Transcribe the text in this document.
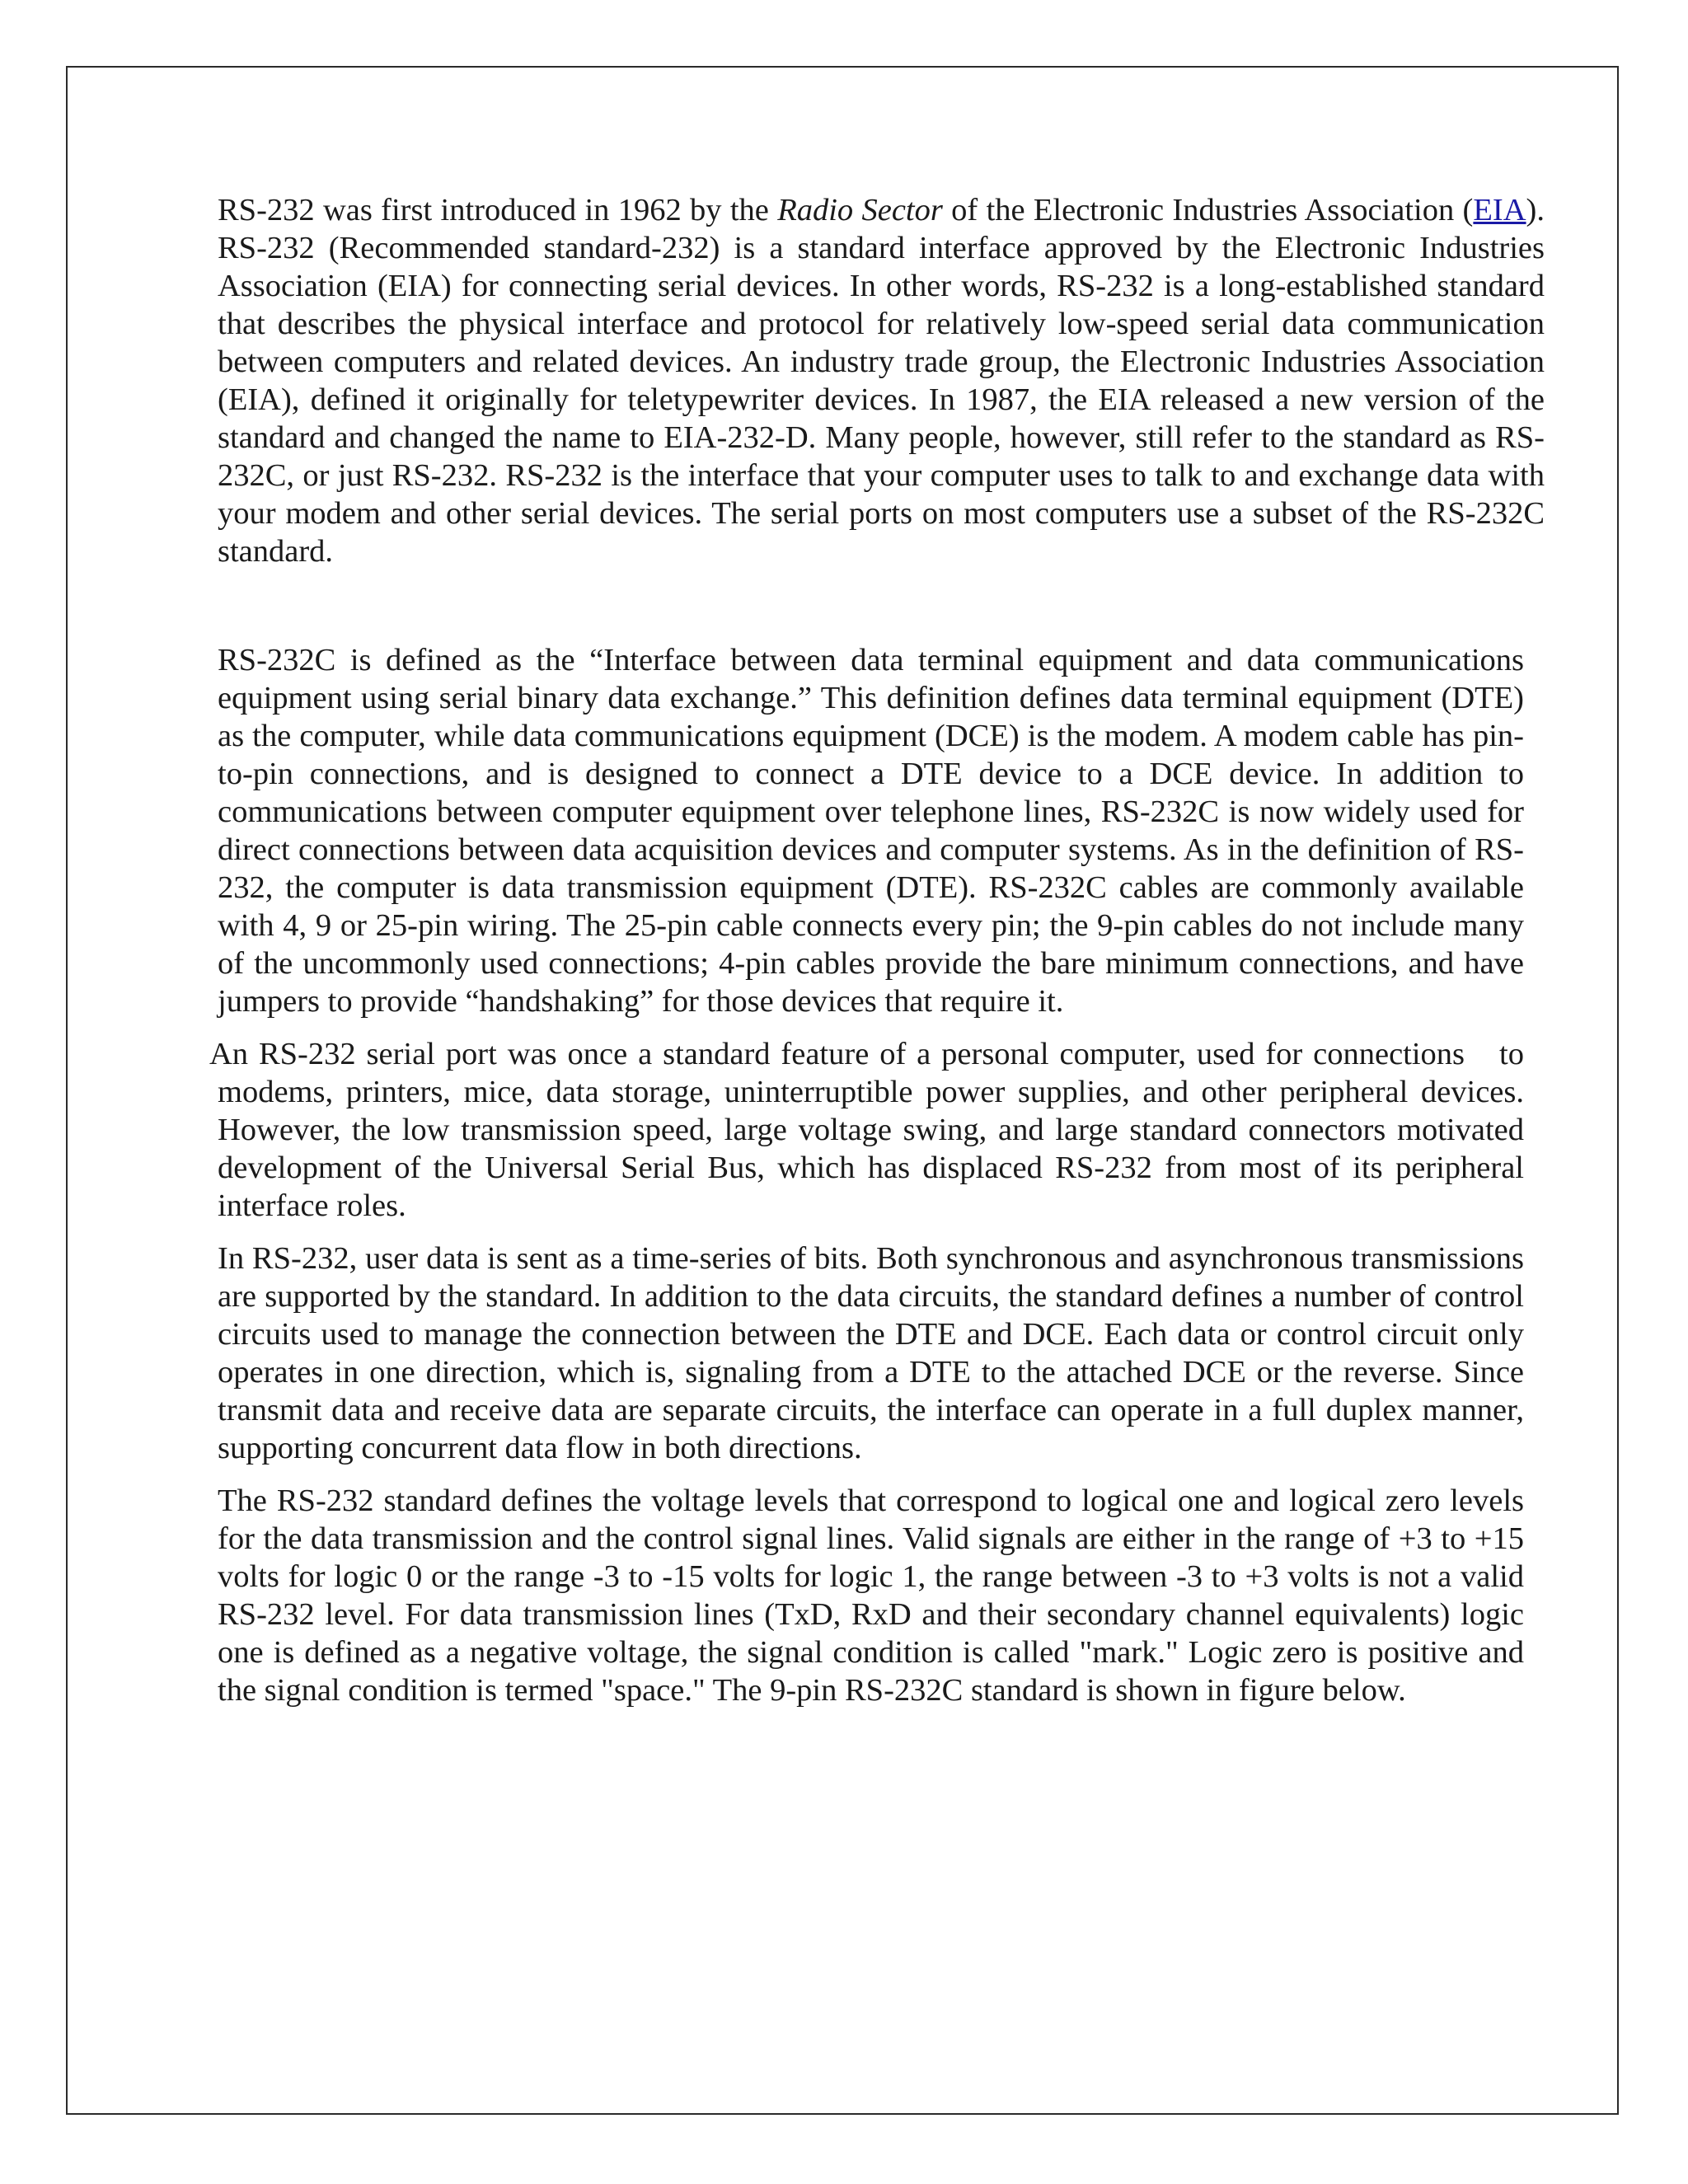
RS-232 was first introduced in 1962 by the Radio Sector of the Electronic Industries Association (EIA). RS-232 (Recommended standard-232) is a standard interface approved by the Electronic Industries Association (EIA) for connecting serial devices. In other words, RS-232 is a long-established standard that describes the physical interface and protocol for relatively low-speed serial data communication between computers and related devices. An industry trade group, the Electronic Industries Association (EIA), defined it originally for teletypewriter devices. In 1987, the EIA released a new version of the standard and changed the name to EIA-232-D. Many people, however, still refer to the standard as RS-232C, or just RS-232. RS-232 is the interface that your computer uses to talk to and exchange data with your modem and other serial devices. The serial ports on most computers use a subset of the RS-232C standard.

RS-232C is defined as the “Interface between data terminal equipment and data communications equipment using serial binary data exchange.” This definition defines data terminal equipment (DTE) as the computer, while data communications equipment (DCE) is the modem. A modem cable has pin-to-pin connections, and is designed to connect a DTE device to a DCE device. In addition to communications between computer equipment over telephone lines, RS-232C is now widely used for direct connections between data acquisition devices and computer systems. As in the definition of RS-232, the computer is data transmission equipment (DTE). RS-232C cables are commonly available with 4, 9 or 25-pin wiring. The 25-pin cable connects every pin; the 9-pin cables do not include many of the uncommonly used connections; 4-pin cables provide the bare minimum connections, and have jumpers to provide “handshaking” for those devices that require it.

An RS-232 serial port was once a standard feature of a personal computer, used for connections to modems, printers, mice, data storage, uninterruptible power supplies, and other peripheral devices. However, the low transmission speed, large voltage swing, and large standard connectors motivated development of the Universal Serial Bus, which has displaced RS-232 from most of its peripheral interface roles.

In RS-232, user data is sent as a time-series of bits. Both synchronous and asynchronous transmissions are supported by the standard. In addition to the data circuits, the standard defines a number of control circuits used to manage the connection between the DTE and DCE. Each data or control circuit only operates in one direction, which is, signaling from a DTE to the attached DCE or the reverse. Since transmit data and receive data are separate circuits, the interface can operate in a full duplex manner, supporting concurrent data flow in both directions.

The RS-232 standard defines the voltage levels that correspond to logical one and logical zero levels for the data transmission and the control signal lines. Valid signals are either in the range of +3 to +15 volts for logic 0 or the range -3 to -15 volts for logic 1, the range between -3 to +3 volts is not a valid RS-232 level. For data transmission lines (TxD, RxD and their secondary channel equivalents) logic one is defined as a negative voltage, the signal condition is called "mark." Logic zero is positive and the signal condition is termed "space." The 9-pin RS-232C standard is shown in figure below.
